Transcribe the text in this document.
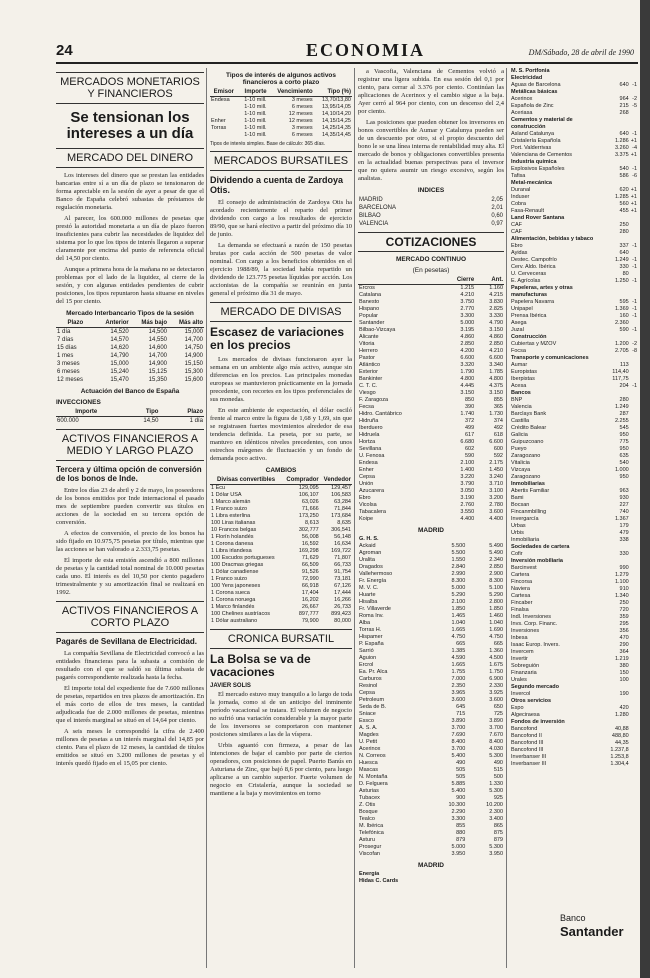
24	ECONOMIA	DM/Sábado, 28 de abril de 1990
MERCADOS MONETARIOS Y FINANCIEROS
Se tensionan los intereses a un día
MERCADO DEL DINERO

Los intereses del dinero que se prestan las entidades bancarias entre sí a un día de plazo se tensionaron de forma apreciable en la sesión de ayer a pesar de que el Banco de España celebró subastas de préstamos de regulación monetaria.

Al parecer, los 600.000 millones de pesetas que prestó la autoridad monetaria a un día de plazo fueron insuficientes para cubrir las necesidades de liquidez del sistema por lo que los tipos de interés llegaron a superar claramente por encima del punto de referencia oficial del 14,50 por ciento.

Aunque a primera hora de la mañana no se detectaron problemas por el lado de la liquidez, al cierre de la sesión, y con algunas entidades pendientes de cubrir posiciones, los tipos repuntaron hasta situarse en niveles del 15 por ciento.

Mercado Interbancario Tipos de la sesión
Plazo	Anterior	Más bajo	Más alto
1 día	14,520	14,500	15,000
7 días	14,570	14,550	14,700
15 días	14,620	14,600	14,750
1 mes	14,790	14,700	14,900
3 meses	15,000	14,900	15,150
6 meses	15,240	15,125	15,300
12 meses	15,470	15,350	15,600
Actuación del Banco de España
INVECCIONES
Importe	Tipo	Plazo
600.000	14,50	1 día
ACTIVOS FINANCIEROS A MEDIO Y LARGO PLAZO
Tercera y última opción de conversión de los bonos de Inde.

Entre los días 23 de abril y 2 de mayo, los poseedores de los bonos emitidos por Inde internacional el pasado mes de septiembre pueden convertir sus títulos en acciones de la sociedad en su tercera opción de conversión.

A efectos de conversión, el precio de los bonos ha sido fijado en 10.975,75 pesetas por título, mientras que las acciones se han valorado a 2.333,75 pesetas.

El importe de esta emisión ascendió a 800 millones de pesetas y la cantidad total nominal de 10.000 pesetas cada uno. El interés es del 10,50 por ciento pagadero trimestralmente y su amortización final se realizará en 1992.

ACTIVOS FINANCIEROS A CORTO PLAZO
Pagarés de Sevillana de Electricidad.

La compañía Sevillana de Electricidad convocó a las entidades financieras para la subasta a comisión de resultado con el que se saldó su última subasta de pagarés correspondiente realizada hasta la fecha.

El importe total del expediente fue de 7.600 millones de pesetas, repartidos en tres plazos de amortización. En el más corto de ellos de tres meses, la cantidad adjudicada fue de 2.000 millones de pesetas, mientras que el interés marginal se situó en el 14,64 por ciento.

A seis meses le correspondió la cifra de 2.400 millones de pesetas a un interés marginal del 14,85 por ciento. Para el plazo de 12 meses, la cantidad de títulos emitidos se situó en 3.200 millones de pesetas y el interés quedó fijado en el 15,05 por ciento.

Tipos de interés de algunos activos financieros a corto plazo
Emisor	Importe	Vencimiento	Tipo (%)
Endesa	1-10 mill.	3 meses	13,70/13,80
	1-10 mill.	6 meses	13,95/14,05
	1-10 mill.	12 meses	14,10/14,20
Enher	1-10 mill.	12 meses	14,15/14,25
Torras	1-10 mill.	3 meses	14,25/14,35
	1-10 mill.	6 meses	14,35/14,45
Tipos de interés simples. Base de cálculo: 365 días.
MERCADOS BURSATILES
Dividendo a cuenta de Zardoya Otis.

El consejo de administración de Zardoya Otis ha acordado recientemente el reparto del primer dividendo con cargo a los resultados de ejercicio 89/90, que se hará efectivo a partir del próximo día 10 de junio.

La demanda se efectuará a razón de 150 pesetas brutas por cada acción de 500 pesetas de valor nominal. Con cargo a los beneficios obtenidos en el ejercicio 1988/89, la sociedad había repartido un dividendo de 123.775 pesetas líquidas por acción. Los accionistas de la compañía se reunirán en junta general el próximo día 31 de mayo.

MERCADO DE DIVISAS
Escasez de variaciones en los precios

Los mercados de divisas funcionaron ayer la semana en un ambiente algo más activo, aunque sin diferencias en los precios. Las principales monedas europeas se mantuvieron prácticamente en la jornada precedente, con recortes en los tipos preferenciales de sus monedas.

En este ambiente de expectación, el dólar osciló frente al marco entre la figura de 1,68 y 1,69, sin que se registrasen fuertes movimientos alrededor de esa tendencia definida. La peseta, por su parte, se mantuvo en idénticos niveles precedentes, con unos estrechos márgenes de fluctuación y un fondo de demanda poco activo.

CAMBIOS
Divisas convertibles	Comprador	Vendedor
1 Ecu	129,095	129,457
1 Dólar USA	106,107	106,583
1 Marco alemán	63,026	63,284
1 Franco suizo	71,666	71,844
1 Libra esterlina	173,250	173,684
100 Liras italianas	8,613	8,635
10 Francos belgas	302,777	306,541
1 Florín holandés	56,008	56,148
1 Corona danesa	16,592	16,634
1 Libra irlandesa	169,298	169,722
100 Escudos portugueses	71,629	71,807
100 Dracmas griegas	66,509	66,733
1 Dólar canadiense	91,526	91,754
1 Franco suizo	72,990	73,181
100 Yens japoneses	66,918	67,126
1 Corona sueca	17,404	17,444
1 Corona noruega	16,202	16,266
1 Marco finlandés	26,667	26,733
100 Chelines austríacos	897,777	899,423
1 Dólar australiano	79,900	80,000
CRONICA BURSATIL
La Bolsa se va de vacaciones
JAVIER SOLIS

El mercado estuvo muy tranquilo a lo largo de toda la jornada, como si de un anticipo del inminente período vacacional se tratara. El volumen de negocio no sufrió una variación considerable y la mayor parte de los inversores se comportaron con mantener posiciones similares a las de la víspera.

Urbis aguantó con firmeza, a pesar de las intenciones de bajar el cambio por parte de ciertos operadores, con posiciones de papel. Puerto Banús en Asturiana de Zinc, que bajó 8,6 por ciento, para luego aplicarse a un cambio superior. Fuerte volumen de negocio en Cristalería, aunque la sociedad se mantiene a la baja y movimientos en torno

a Vascofia, Valenciana de Cementos volvió a registrar una ligera subida. En esa sesión del 0,1 por ciento, para cerrar al 3.376 por ciento. Continúan las aplicaciones de Acerinox y el cambio sigue a la baja. Ayer cerró al 964 por ciento, con un descenso del 2,4 por ciento.

Las posiciones que pueden obtener los inversores en bonos convertibles de Aumar y Catalunya pueden ser de un descuento por otro, si el propio descuento del bono le se una línea interna de rentabilidad muy alta. El mercado de bonos y obligaciones convertibles presenta en la actualidad buenas perspectivas para el inversor que no quiera asumir un riesgo excesivo, según los analistas.

INDICES
MADRID	2,05
BARCELONA	2,01
BILBAO	0,60
VALENCIA	0,97
COTIZACIONES
MERCADO CONTINUO
(En pesetas)
	Cierre	Ant.
Ercros	1.215	1.160
Catalana	4.210	4.215
Banesto	3.750	3.830
Hispano	2.770	2.825
Popular	3.300	3.330
Santander	5.000	4.790
Bilbao-Vizcaya	3.195	3.150
Alicante	4.860	4.860
Vitoria	2.850	2.850
Herrero	4.200	4.210
Pastor	6.600	6.600
Atlántico	3.320	3.340
Exterior	1.790	1.785
Bankinter	4.800	4.800
C. T. C.	4.445	4.375
Viesgo	3.150	3.150
F. Zaragoza	850	855
Fecsa	390	365
Hidro. Cantábrico	1.740	1.730
Hidruña	372	374
Iberduero	499	492
Hidruela	617	618
Hortza	6.680	6.600
Sevillana	602	600
U. Fenosa	590	592
Endesa	2.100	2.175
Enher	1.400	1.450
Cepsa	3.220	3.240
Unión	3.790	3.710
Azucarera	3.050	3.100
Ebro	3.190	3.200
Vicolsa	2.760	2.780
Tabacalera	3.550	3.600
Koipe	4.400	4.400
MADRID
G. H. S.		
Ackaid	5.500	5.490
Agroman	5.500	5.490
Uralita	1.550	2.340
Dragados	2.840	2.850
Vallehermoso	2.990	2.900
Fr. Energía	8.300	8.300
M. V. C.	5.000	5.100
Huarte	5.290	5.290
Hisalba	2.100	2.800
Fr. Villaverde	1.850	1.850
Roma Inv.	1.465	1.460
Alba	1.040	1.040
Torras H.	1.665	1.690
Hispamer	4.750	4.750
P. España	665	665
Sarrió	1.385	1.360
Aguion	4.590	4.500
Ercrol	1.665	1.675
Ea. Pr. Alca	1.755	1.750
Carburos	7.000	6.900
Resinol	2.350	2.330
Cepsa	3.965	3.925
Petroleum	3.600	3.600
Seda de B.	645	650
Sniace	715	725
Essco	3.890	3.890
A. S. A.	3.700	3.700
Magdes	7.690	7.670
U. Petit	8.400	8.400
Acerinox	3.700	4.030
N. Correos	5.400	5.300
Huesca	490	490
Mascas	505	515
N. Montaña	505	500
D. Felguera	5.885	1.330
Asturias	5.400	5.300
Tubacex	900	925
Z. Otis	10.300	10.200
Bosque	2.290	2.300
Tealco	3.300	3.400
M. Ibérica	855	865
Telefónica	880	875
Asturu	879	879
Prosegur	5.000	5.300
Viscofan	3.950	3.950
MADRID
Energía		
Hidas C. Cards		
M. S. Portfonia		
Electricidad		
Aguas de Barcelona	640	-1
Metálicas básicas		
Acerinox	964	-2
Española de Zinc	215	-5
Aceriasa	268	
Cementos y material de construcción		
Asland Catalunya	640	-1
Cristalería Española	1.286	+1
Port. Valderrivas	3.260	-4
Valenciana de Cementos	3.375	+1
Industria química		
Explosivos Españoles	540	-1
Tafisa	586	-6
Metal-mecánica		
Duranal	620	+1
Induser	1.285	+1
Cobra	560	+1
Fasa-Renault	455	+1
Land Rover Santana		
CAF	250	
CAF	280	
Alimentación, bebidas y tabaco		
Ebro	337	-1
Ayidas	640	
Destec. Campofrío	1.249	-1
Cerv. Aldo. Ibérica	330	-1
U. Cerveceras	80	
E. Agrícolas	1.250	-1
Papeleras, artes y otras manufacturas		
Papelera Navarra	595	-1
Unipapel	1.369	-1
Prensa Ibérica	160	-1
Asega	2.360	
Juzal	590	-1
Construcción		
Cubiertas y MZOV	1.200	-2
Focsa	2.705	-8
Transporte y comunicaciones		
Aumar	113	
Europistas	114,40	
Iberpistas	117,75	
Acesa	204	-1
Bancos		
BNP	280	
Valencia	1.249	
Barclays Bank	287	
Castilla	2.255	
Crédito Balear	545	
Galicia	950	
Guipuzcoano	775	
Pueyo	950	
Zaragozano	635	
Vitalicia	540	
Vizcaya	1.000	
Zaragozano	950	
Inmobiliarias		
Abertis Familiar	963	
Bami	930	
Bocsan	227	
Fincanmbilling	740	
Invergarcía	1.367	
Urbas	179	
Urbis	479	
Inmobiliaria	338	
Sociedades de cartera		
Cofir	330	
Inversión mobiliaria		
Barcinvest	990	
Cartera	1.279	
Fincorsa	1.100	
Naviera	910	
Cartesa	1.340	
Fincaber	250	
Finalsa	720	
Indl. Inversiones	359	
Invs. Corp. Financ.	295	
Inversiones	356	
Inbesa	470	
Isaac Europ. Invers.	290	
Invercem	364	
Invertir	1.219	
Sobreguión	380	
Finanzaria	150	
Urales	100	
Segundo mercado		
Invercol	190	
Otros servicios		
Espo	420	
Algeciraesa	1.280	
Fondos de inversión		
Bancofond	40,88	
Bancofond II	488,80	
Bancofond III	44,35	
Bancofond III	1.237,8	
Inverbanser III	1.253,8	
Inverbanser III	1.304,4	
Banco
Santander
